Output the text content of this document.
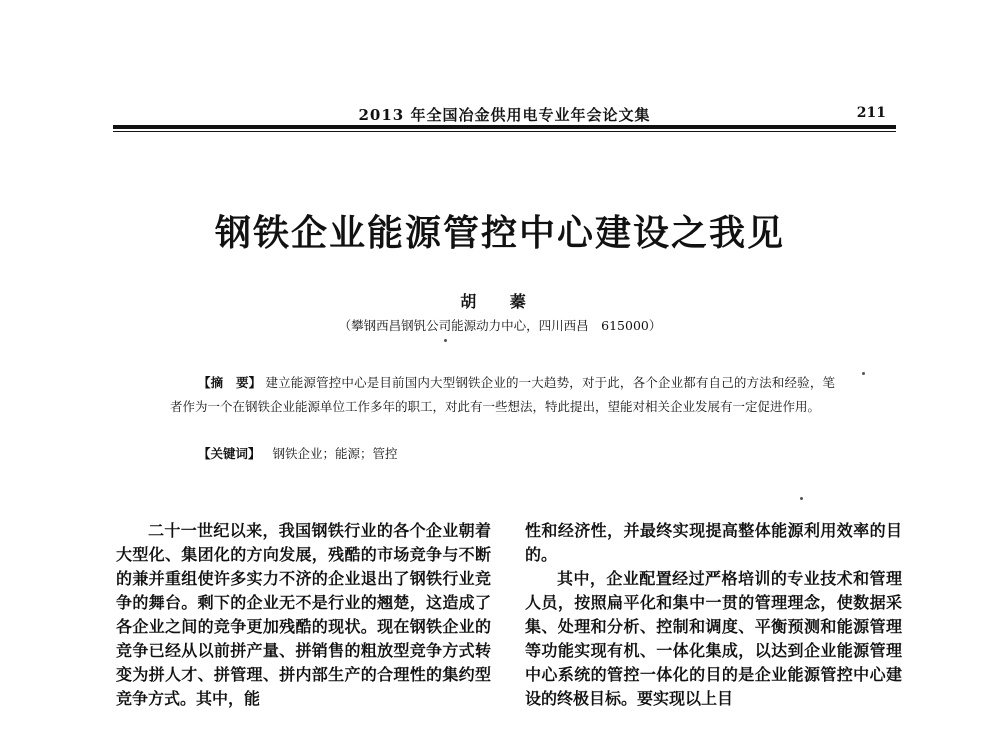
2013 年全国冶金供用电专业年会论文集	211
钢铁企业能源管控中心建设之我见
胡 蓁
（攀钢西昌钢钒公司能源动力中心，四川西昌　615000）
【摘　要】 建立能源管控中心是目前国内大型钢铁企业的一大趋势，对于此，各个企业都有自己的方法和经验，笔者作为一个在钢铁企业能源单位工作多年的职工，对此有一些想法，特此提出，望能对相关企业发展有一定促进作用。
【关键词】 钢铁企业；能源；管控

二十一世纪以来，我国钢铁行业的各个企业朝着大型化、集团化的方向发展，残酷的市场竞争与不断的兼并重组使许多实力不济的企业退出了钢铁行业竞争的舞台。剩下的企业无不是行业的翘楚，这造成了各企业之间的竞争更加残酷的现状。现在钢铁企业的竞争已经从以前拼产量、拼销售的粗放型竞争方式转变为拼人才、拼管理、拼内部生产的合理性的集约型竞争方式。其中，能

性和经济性，并最终实现提高整体能源利用效率的目的。

其中，企业配置经过严格培训的专业技术和管理人员，按照扁平化和集中一贯的管理理念，使数据采集、处理和分析、控制和调度、平衡预测和能源管理等功能实现有机、一体化集成，以达到企业能源管理中心系统的管控一体化的目的是企业能源管控中心建设的终极目标。要实现以上目
